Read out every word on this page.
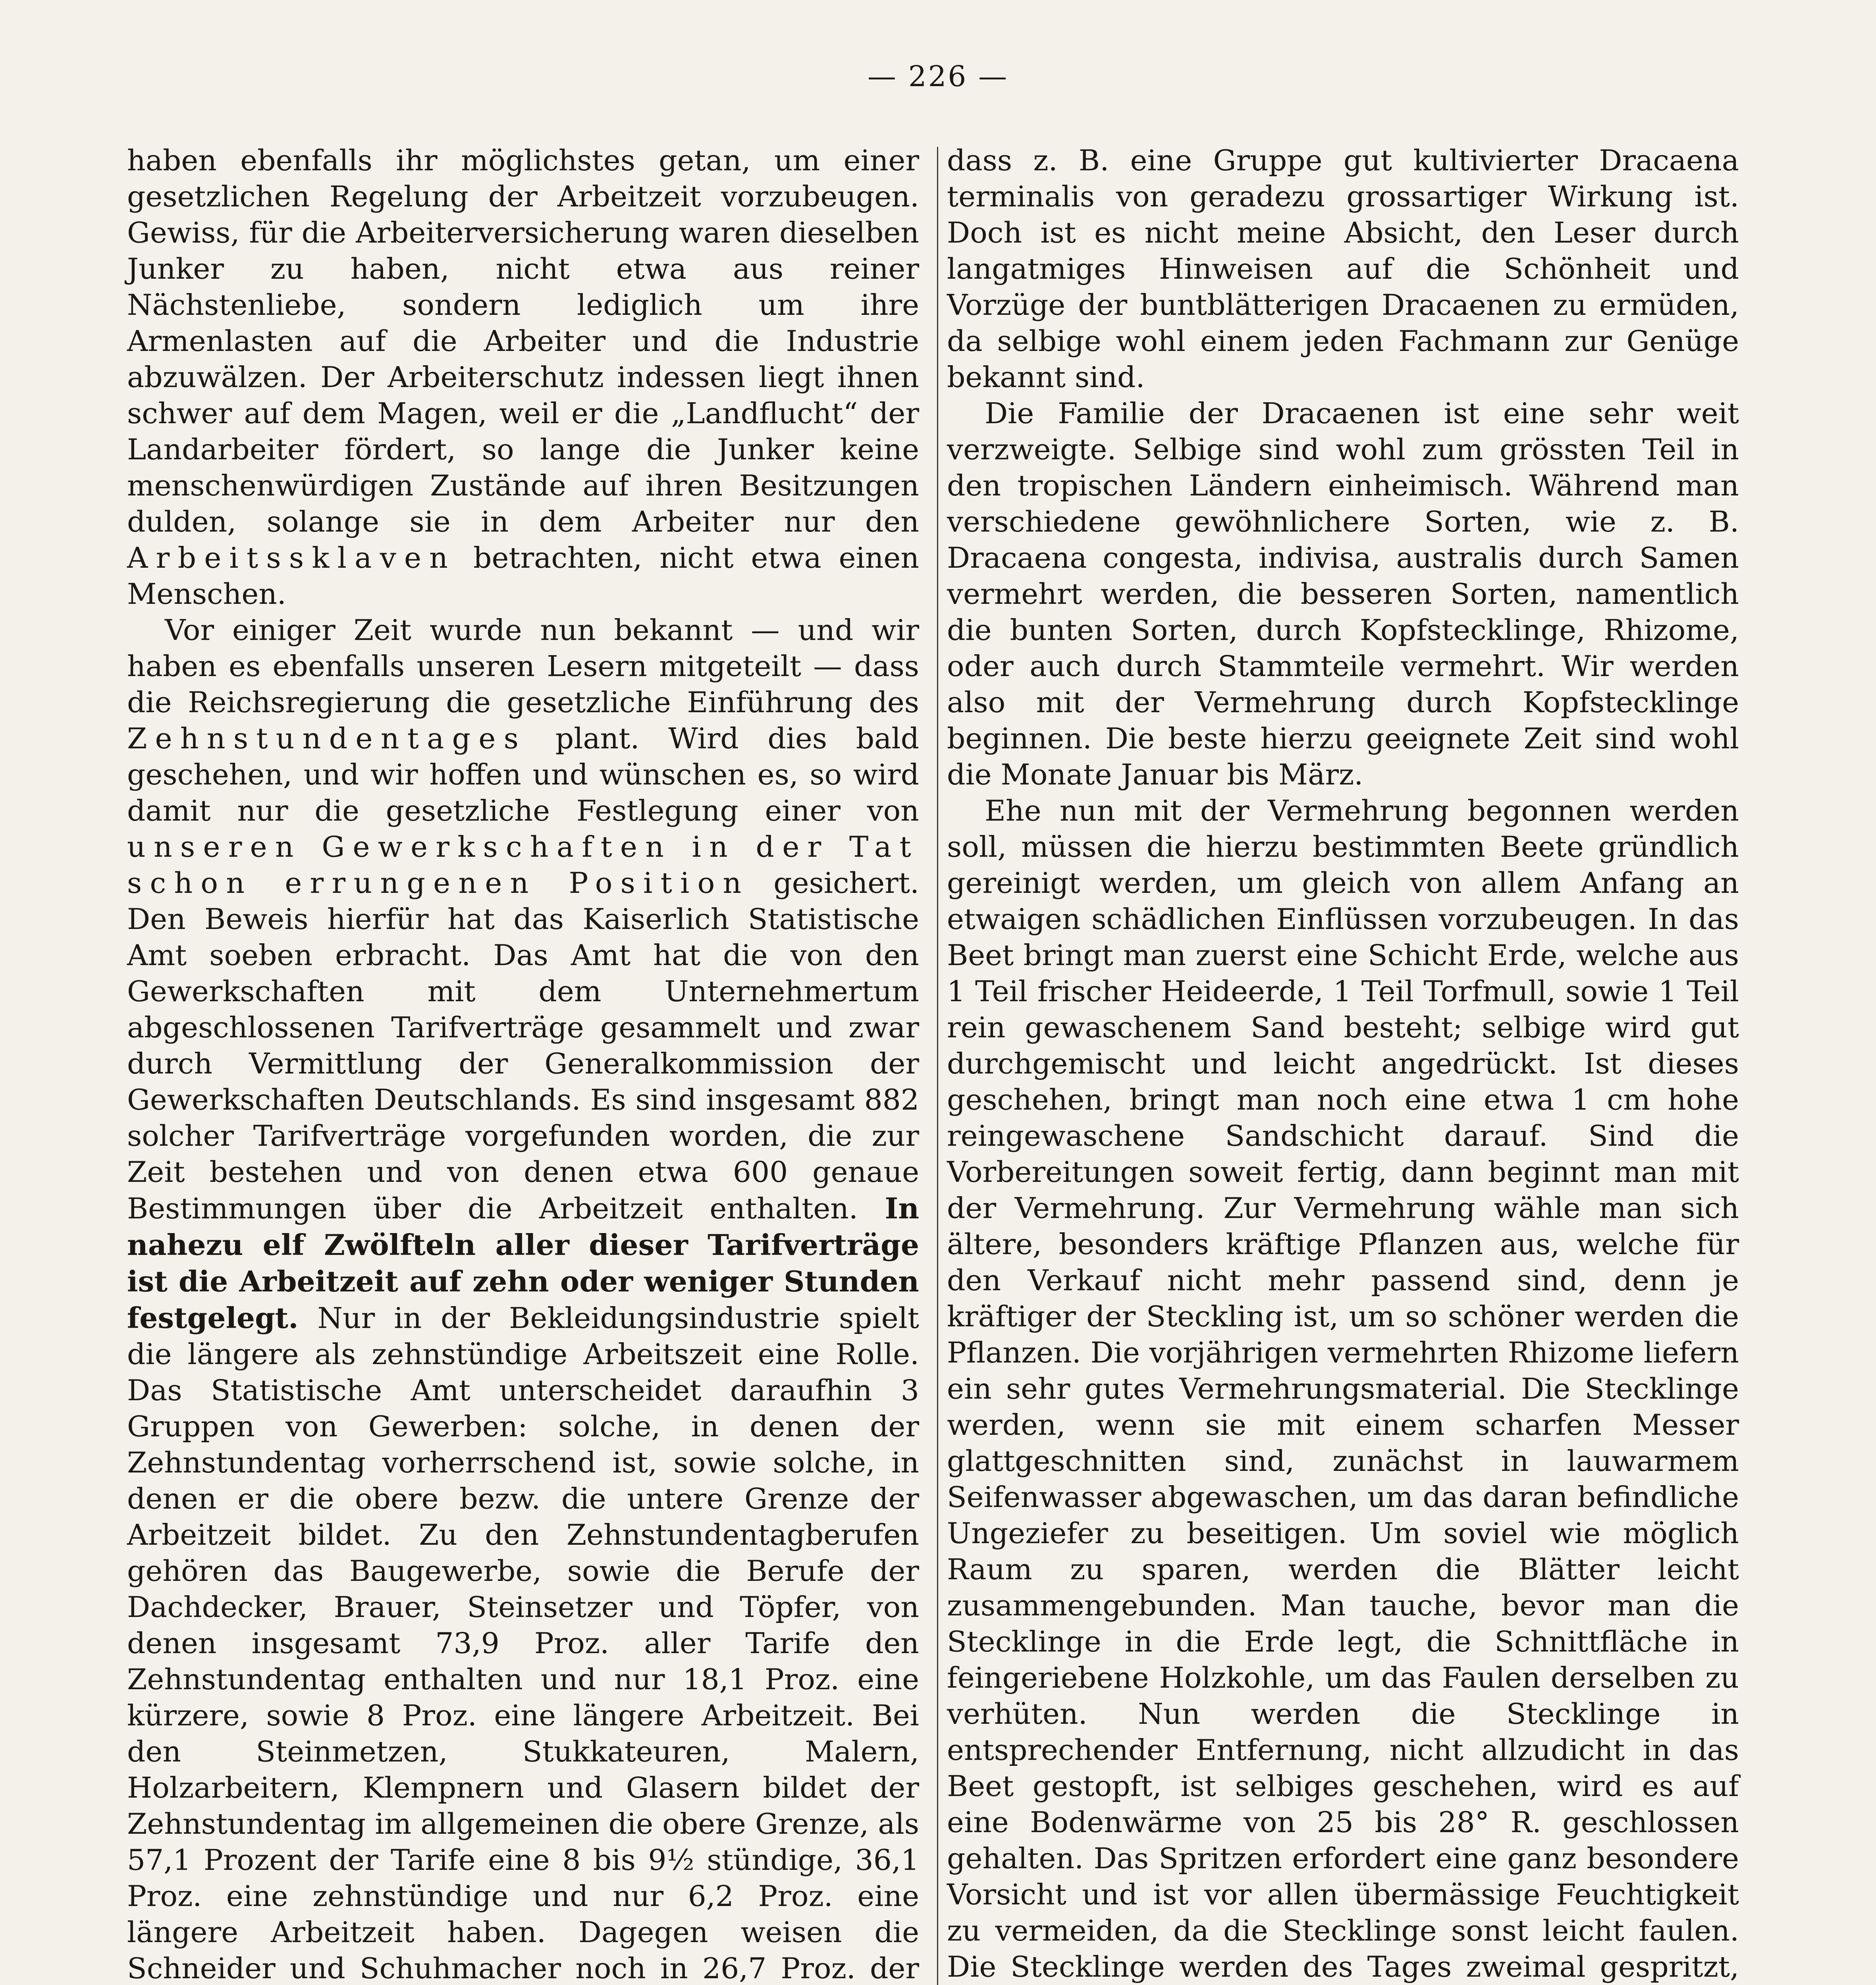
— 226 —

haben ebenfalls ihr möglichstes getan, um einer gesetzlichen Regelung der Arbeitzeit vorzubeugen. Gewiss, für die Arbeiterversicherung waren dieselben Junker zu haben, nicht etwa aus reiner Nächstenliebe, sondern lediglich um ihre Armenlasten auf die Arbeiter und die Industrie abzuwälzen. Der Arbeiterschutz indessen liegt ihnen schwer auf dem Magen, weil er die „Landflucht“ der Landarbeiter fördert, so lange die Junker keine menschenwürdigen Zustände auf ihren Besitzungen dulden, solange sie in dem Arbeiter nur den Arbeitssklaven betrachten, nicht etwa einen Menschen.

Vor einiger Zeit wurde nun bekannt — und wir haben es ebenfalls unseren Lesern mitgeteilt — dass die Reichsregierung die gesetzliche Einführung des Zehnstundentages plant. Wird dies bald geschehen, und wir hoffen und wünschen es, so wird damit nur die gesetzliche Festlegung einer von unseren Gewerkschaften in der Tat schon errungenen Position gesichert. Den Beweis hierfür hat das Kaiserlich Statistische Amt soeben erbracht. Das Amt hat die von den Gewerkschaften mit dem Unternehmertum abgeschlossenen Tarifverträge gesammelt und zwar durch Vermittlung der Generalkommission der Gewerkschaften Deutschlands. Es sind insgesamt 882 solcher Tarifverträge vorgefunden worden, die zur Zeit bestehen und von denen etwa 600 genaue Bestimmungen über die Arbeitzeit enthalten. In nahezu elf Zwölfteln aller dieser Tarifverträge ist die Arbeitzeit auf zehn oder weniger Stunden festgelegt. Nur in der Bekleidungsindustrie spielt die längere als zehnstündige Arbeitszeit eine Rolle. Das Statistische Amt unterscheidet daraufhin 3 Gruppen von Gewerben: solche, in denen der Zehnstundentag vorherrschend ist, sowie solche, in denen er die obere bezw. die untere Grenze der Arbeitzeit bildet. Zu den Zehnstundentagberufen gehören das Baugewerbe, sowie die Berufe der Dachdecker, Brauer, Steinsetzer und Töpfer, von denen insgesamt 73,9 Proz. aller Tarife den Zehnstundentag enthalten und nur 18,1 Proz. eine kürzere, sowie 8 Proz. eine längere Arbeitzeit. Bei den Steinmetzen, Stukkateuren, Malern, Holzarbeitern, Klempnern und Glasern bildet der Zehnstundentag im allgemeinen die obere Grenze, als 57,1 Prozent der Tarife eine 8 bis 9½ stündige, 36,1 Proz. eine zehnstündige und nur 6,2 Proz. eine längere Arbeitzeit haben. Dagegen weisen die Schneider und Schuhmacher noch in 26,7 Proz. der

dass z. B. eine Gruppe gut kultivierter Dracaena terminalis von geradezu grossartiger Wirkung ist. Doch ist es nicht meine Absicht, den Leser durch langatmiges Hinweisen auf die Schönheit und Vorzüge der buntblätterigen Dracaenen zu ermüden, da selbige wohl einem jeden Fachmann zur Genüge bekannt sind.

Die Familie der Dracaenen ist eine sehr weit verzweigte. Selbige sind wohl zum grössten Teil in den tropischen Ländern einheimisch. Während man verschiedene gewöhnlichere Sorten, wie z. B. Dracaena congesta, indivisa, australis durch Samen vermehrt werden, die besseren Sorten, namentlich die bunten Sorten, durch Kopfstecklinge, Rhizome, oder auch durch Stammteile vermehrt. Wir werden also mit der Vermehrung durch Kopfstecklinge beginnen. Die beste hierzu geeignete Zeit sind wohl die Monate Januar bis März.

Ehe nun mit der Vermehrung begonnen werden soll, müssen die hierzu bestimmten Beete gründlich gereinigt werden, um gleich von allem Anfang an etwaigen schädlichen Einflüssen vorzubeugen. In das Beet bringt man zuerst eine Schicht Erde, welche aus 1 Teil frischer Heideerde, 1 Teil Torfmull, sowie 1 Teil rein gewaschenem Sand besteht; selbige wird gut durchgemischt und leicht angedrückt. Ist dieses geschehen, bringt man noch eine etwa 1 cm hohe reingewaschene Sandschicht darauf. Sind die Vorbereitungen soweit fertig, dann beginnt man mit der Vermehrung. Zur Vermehrung wähle man sich ältere, besonders kräftige Pflanzen aus, welche für den Verkauf nicht mehr passend sind, denn je kräftiger der Steckling ist, um so schöner werden die Pflanzen. Die vorjährigen vermehrten Rhizome liefern ein sehr gutes Vermehrungsmaterial. Die Stecklinge werden, wenn sie mit einem scharfen Messer glattgeschnitten sind, zunächst in lauwarmem Seifenwasser abgewaschen, um das daran befindliche Ungeziefer zu beseitigen. Um soviel wie möglich Raum zu sparen, werden die Blätter leicht zusammengebunden. Man tauche, bevor man die Stecklinge in die Erde legt, die Schnittfläche in feingeriebene Holzkohle, um das Faulen derselben zu verhüten. Nun werden die Stecklinge in entsprechender Entfernung, nicht allzudicht in das Beet gestopft, ist selbiges geschehen, wird es auf eine Bodenwärme von 25 bis 28° R. geschlossen gehalten. Das Spritzen erfordert eine ganz besondere Vorsicht und ist vor allen übermässige Feuchtigkeit zu vermeiden, da die Stecklinge sonst leicht faulen. Die Stecklinge werden des Tages zweimal gespritzt,
